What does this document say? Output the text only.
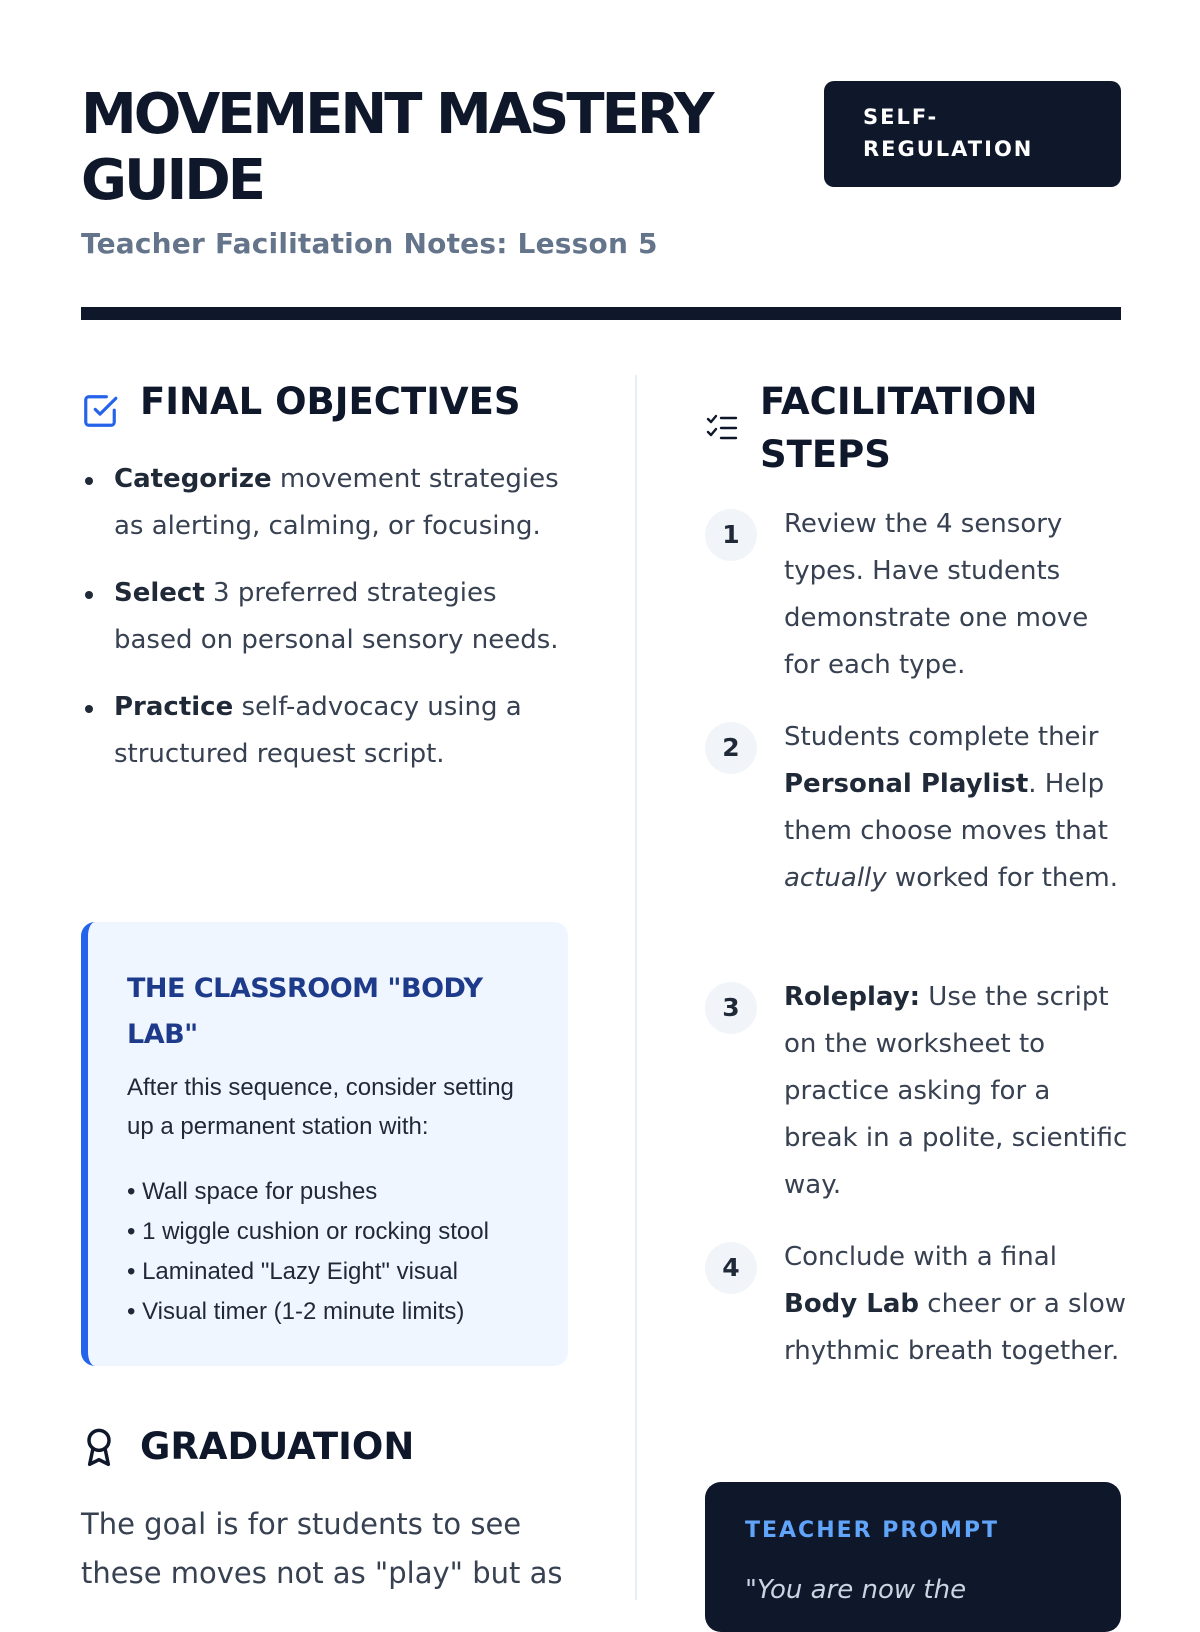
MOVEMENT MASTERY GUIDE
SELF-REGULATION

Teacher Facilitation Notes: Lesson 5

FINAL OBJECTIVES
Categorize movement strategies as alerting, calming, or focusing.
Select 3 preferred strategies based on personal sensory needs.
Practice self-advocacy using a structured request script.
THE CLASSROOM "BODY LAB"

After this sequence, consider setting up a permanent station with:

• Wall space for pushes
• 1 wiggle cushion or rocking stool
• Laminated "Lazy Eight" visual
• Visual timer (1-2 minute limits)
GRADUATION

The goal is for students to see these moves not as "play" but as

FACILITATION STEPS
1	Review the 4 sensory types. Have students demonstrate one move for each type.

2	Students complete their Personal Playlist. Help them choose moves that actually worked for them.

3	Roleplay: Use the script on the worksheet to practice asking for a break in a polite, scientific way.

4	Conclude with a final Body Lab cheer or a slow rhythmic breath together.

TEACHER PROMPT
"You are now the
